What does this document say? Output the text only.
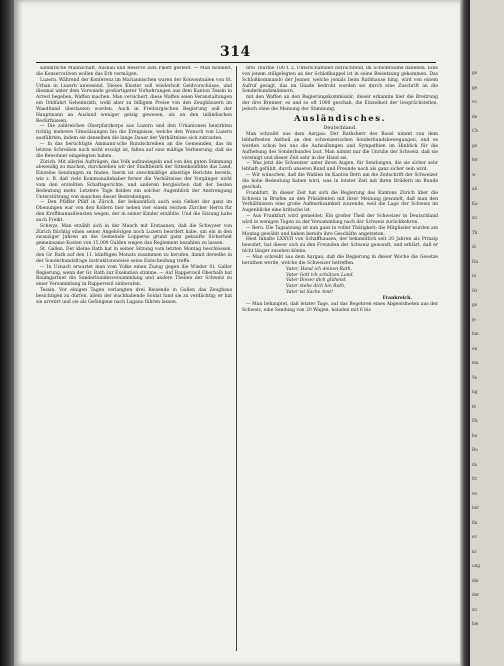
314

sämmtliche Mannschaft, Ausbau und Reserve aufs Pikett gestellt. — Man munkelt, die Konservativen wollen das Erb vermögen.

Luzern. Während der Konferenz im Mariannischen waren der Konventualen von St. Urban in Luzern anwesend. Dieses Kloster soll wiederholt Geldvorschüsse, und diesmal unter dem Vorwande großartigerer Vorkehrungen aus dem Kanton Tessin in Arrest begeben, Waffen machen. Man versichert, diese Waffen seien Veranstaltungen ein Oddfahrt Geheimrath, wohl aber zu billigem Preise von den Zeughäusern im Waadtland überlassen worden. Auch in Freiburgischen Regierung soll der Hauptmann an Ausland weniger geizig gewesen, als an den inländischen Bedürfnissen.

— Die zahlreichen Oberpfarrkorps aus Luzern und den Urkantonen bewirkten richtig mehrere Umwälzungen bis die Ereignisse, welche den Wunsch von Luzern ausführten, indem sie denselben die lange Dauer der Verhältnisse sich zutrauten.

— In das berüchtigte Ammann'sche Rundschreiben an die Gemeinden, das im letzten Schreiben nach nicht ersolgt ist, fallen auf eine mäßige Verheerung, daß sie die Bewohner eingelegten haben.

Zürich. Mit allerlei Aufträgen, das Volk aufzuwiegeln und von den guten Stimmung abwendig zu machen, durchziehen wir der Stadtbezirk der Sittenkonflikte das Land. Einzelne Sendungen zu finden, hierin ist zweckmäßige allseitige Berichte bereits, wie z. B. daß viele Kommunalinhaber ferner die Verhältnisse der Vorgänger nicht vom den erstellten Schaftsgerichte, und anderen bergleichen daß der besten Bedeutung mehr. Letztere Tage fielden ein solcher Augenblick der Anstrengung Unterstützung von manchen dieser Bestrebungen.

— Den Pfäffer Pfäff in Zürich, der bekanntlich auch sein Gebiet der ganz im Obenungen war von den Kollern hier neben vier einem reichen Zürcher Herrn für den Kroffmannsdiensten wegen, der in seiner Kinder erzählte. Und die Sitzung habe auch Freikt.

Schwyz. Man erzählt sich in der Mauch mit Erstaunen, daß die Schwyzer von Zürich flüchtig einen seiner Angehörigen noch Luzern beordert habe, um ein in den zwanziger Jahren an die Gemeinde Lopperns grund ganz gekaufte Sicherheit gemeinsame Kosten von 15,000 Gulden wegen das Reglement bezahlen zu lassen.

St. Gallen. Der kleine Rath hat in seiner Sitzung vom letzten Montag beschlossen, den Gr. Rath auf den 11. künftigen Monats zusammen zu berufen, damit derselbe in der Sonderbundsfrage instruktionsweise seine Entscheidung treffe.

— In Uznach erwartet man vom Volke einen Zuzug gegen die Wieder St. Galler Regierung, wenn der Gr. Rath zur Exekution stimme. — Auf Rapperswil Oberhalb bat Baumgartner die Sonderbundesversammlung und andere Theilen der Schweiz zu einer Versammlung in Rapperswil einberufen.

Tessin. Vor einigen Tagen verlangten drei Reisende in Gallen das Zeughaus besichtigen zu dürfen, allein der wachhabende Soldat fand sie zu verdächtig; er hat sie arretirt und sie als Gefangene nach Lugano führen lassen.

drei Thürme 100 f. 2, Unterschaftsleit betrachtend, im Schloßraume daneben. Eine von jenem stillgelegten an der Schloßkappel ist in seine Beisetzung gekommen. Das Schloßkommando der Jenner, welche jemals beim Rathhause hing, wird von einem Aufruf gesagt, das im Gnade bedroht worden sei durch eine Zuschrift an die Sonderbundsmännern.

mit den Waffen an den Regierungskommissär; dieser erkannte hier die Breitrung der drei Brenner, es und so oft 1000 geschah, die Einzelheit der Gesprächstellen, jedoch ohne die Meinung der Stimmung.

Ausländisches.
Deutschland.

Man schreibt aus dem Aargau: Der Rathsherr des Basel nimmt von dem lebhaftesten Antheil an den schweizerischen Sonderbundsbewegungen, und es werden schon bei uns die Aufwallungen und Sympathien im Hinblick für die Aufhebung des Sonderbundes laut. Man nimmt nur die Unruhe der Schweiz, daß sie vereinigt und dieser Zeit sehr in der Hand sei.

— Was jetzt die Schweizer unter ihren Augen, für Sendungen, die sie sicher sehr lebhaft gefühlt, durch unseren Bund und Freunde noch als ganz sicher sein wird.

— Wir wünschen, daß die Wahlen im Kanton Bern um die Zeitschrift der Schweizer die hohe Bedeutung haben wird, was in letzter Zeit mit ihren Brüdern im Bunde geschah.

Frankfurt. In dieser Zeit hat sich die Regierung des Kantons Zürich über die Schweiz in Briefen an den Präsidenten mit ihrer Meinung gewandt, daß man den Verhältnissen eine große Aufmerksamkeit zuwende, weil die Lage der Schweiz im Augenblicke eine kritische ist.

— Aus Frankfurt wird gemeldet: Ein großer Theil der Schweizer in Deutschland wird in wenigen Tagen zu der Versammlung nach der Schweiz zurückkehren.

— Bern. Die Tagsatzung ist nun ganz in voller Thätigkeit; die Mitglieder wurden am Montag gewählt und haben bereits ihre Geschäfte angetreten.

Hest Inhalte LXXVII von Schaffhausen, der bekanntlich seit 20 Jahren als Prinzip bewahrt, hat dieser sich zu den Freunden der Schweiz gewandt, und erklärt, daß er nicht länger zusehen könne.

— Man schreibt aus dem Aargau, daß die Regierung in dieser Woche die Gesetze berathen werde, welche die Schweizer betreffen.

Vater, Hand ich deinen Rath,
Vater Gott ich schützen Land,
Vater Dieser dich glühend,
Vater stehe dich hin Rath,
Vater ist Sache Amt!
Frankreich.

— Man behauptet, daß letzter Tage, auf das Begehren eines Abgeordneten aus der Schweiz, eine Sendung von 20 Wagen, beladen mit 6 bis

ge
ge
vo
de
Ch
ge
fer
w
ab
Ka
zu
Th
di
Ha
in
Gr
ge
je
fan
en
ma
Ve
ng
fe
Eh
bo
Bu
da
ftr
ve
ber
fla
er
ni
ung
die
der
zu
bie
